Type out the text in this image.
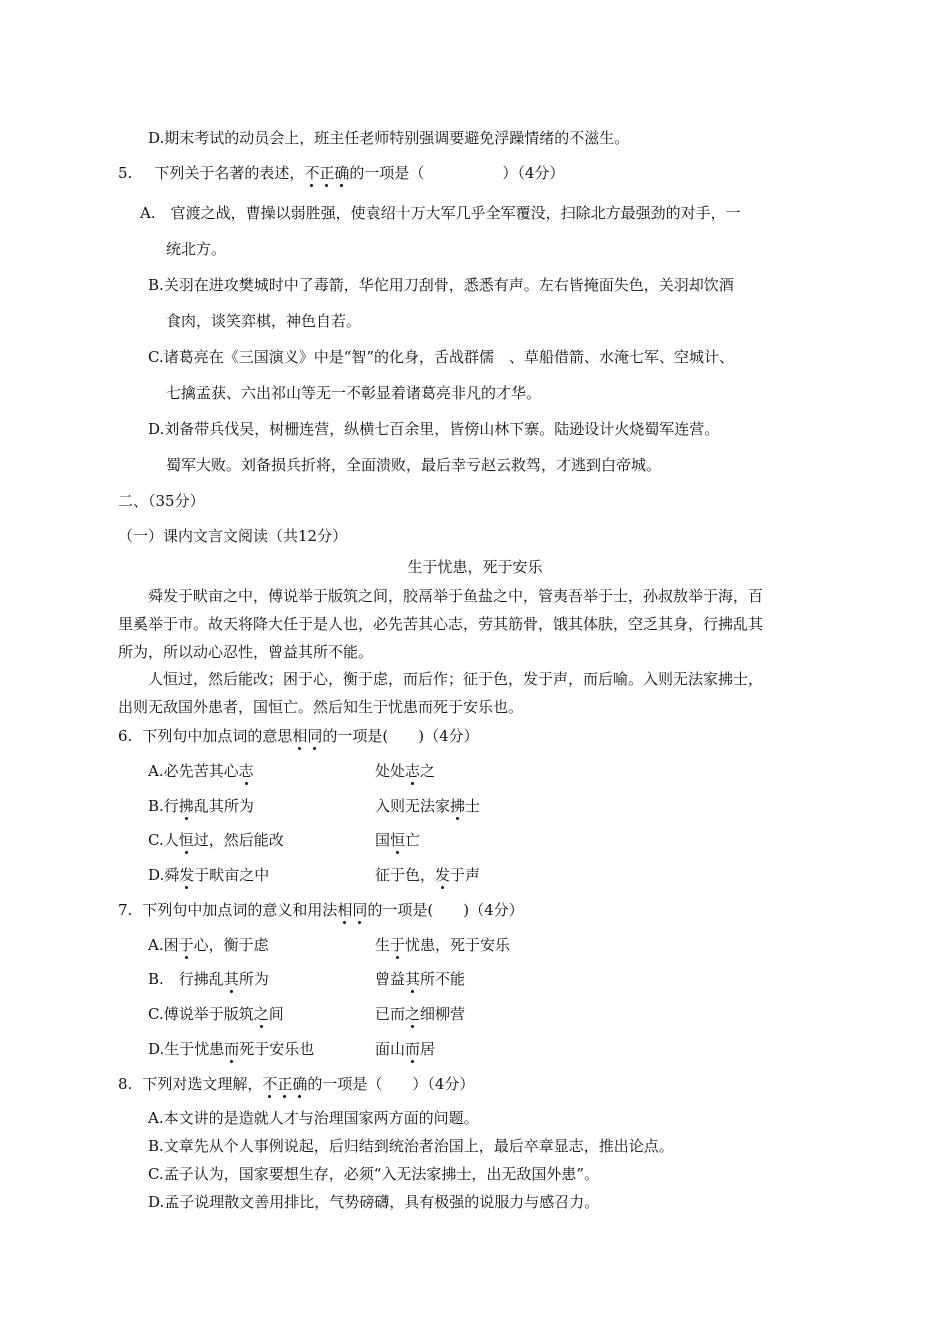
D.期末考试的动员会上，班主任老师特别强调要避免浮躁情绪的不滋生。
5. 下列关于名著的表述，不正确的一项是（	）（4分）
A.　官渡之战，曹操以弱胜强，使袁绍十万大军几乎全军覆没，扫除北方最强劲的对手，一
统北方。
B.关羽在进攻樊城时中了毒箭，华佗用刀刮骨，悉悉有声。左右皆掩面失色，关羽却饮酒
食肉，谈笑弈棋，神色自若。
C.诸葛亮在《三国演义》中是“智”的化身，舌战群儒　、草船借箭、水淹七军、空城计、
七擒孟获、六出祁山等无一不彰显着诸葛亮非凡的才华。
D.刘备带兵伐吴，树栅连营，纵横七百余里，皆傍山林下寨。陆逊设计火烧蜀军连营。
蜀军大败。刘备损兵折将，全面溃败，最后幸亏赵云救驾，才逃到白帝城。
二、（35分）
（一）课内文言文阅读（共12分）
生于忧患，死于安乐
舜发于畎亩之中，傅说举于版筑之间，胶鬲举于鱼盐之中，管夷吾举于士，孙叔敖举于海，百
里奚举于市。故天将降大任于是人也，必先苦其心志，劳其筋骨，饿其体肤，空乏其身，行拂乱其
所为，所以动心忍性，曾益其所不能。
人恒过，然后能改；困于心，衡于虑，而后作；征于色，发于声，而后喻。入则无法家拂士，
出则无敌国外患者，国恒亡。然后知生于忧患而死于安乐也。
6. 下列句中加点词的意思相同的一项是(　　)（4分）
A.必先苦其心志	处处志之
B.行拂乱其所为	入则无法家拂士
C.人恒过，然后能改	国恒亡
D.舜发于畎亩之中	征于色，发于声
7. 下列句中加点词的意义和用法相同的一项是(　　)（4分）
A.困于心，衡于虑	生于忧患，死于安乐
B.　行拂乱其所为	曾益其所不能
C.傅说举于版筑之间	已而之细柳营
D.生于忧患而死于安乐也	面山而居
8. 下列对选文理解，不正确的一项是（　　）（4分）
A.本文讲的是造就人才与治理国家两方面的问题。
B.文章先从个人事例说起，后归结到统治者治国上，最后卒章显志，推出论点。
C.孟子认为，国家要想生存，必须“入无法家拂士，出无敌国外患”。
D.孟子说理散文善用排比，气势磅礴，具有极强的说服力与感召力。
